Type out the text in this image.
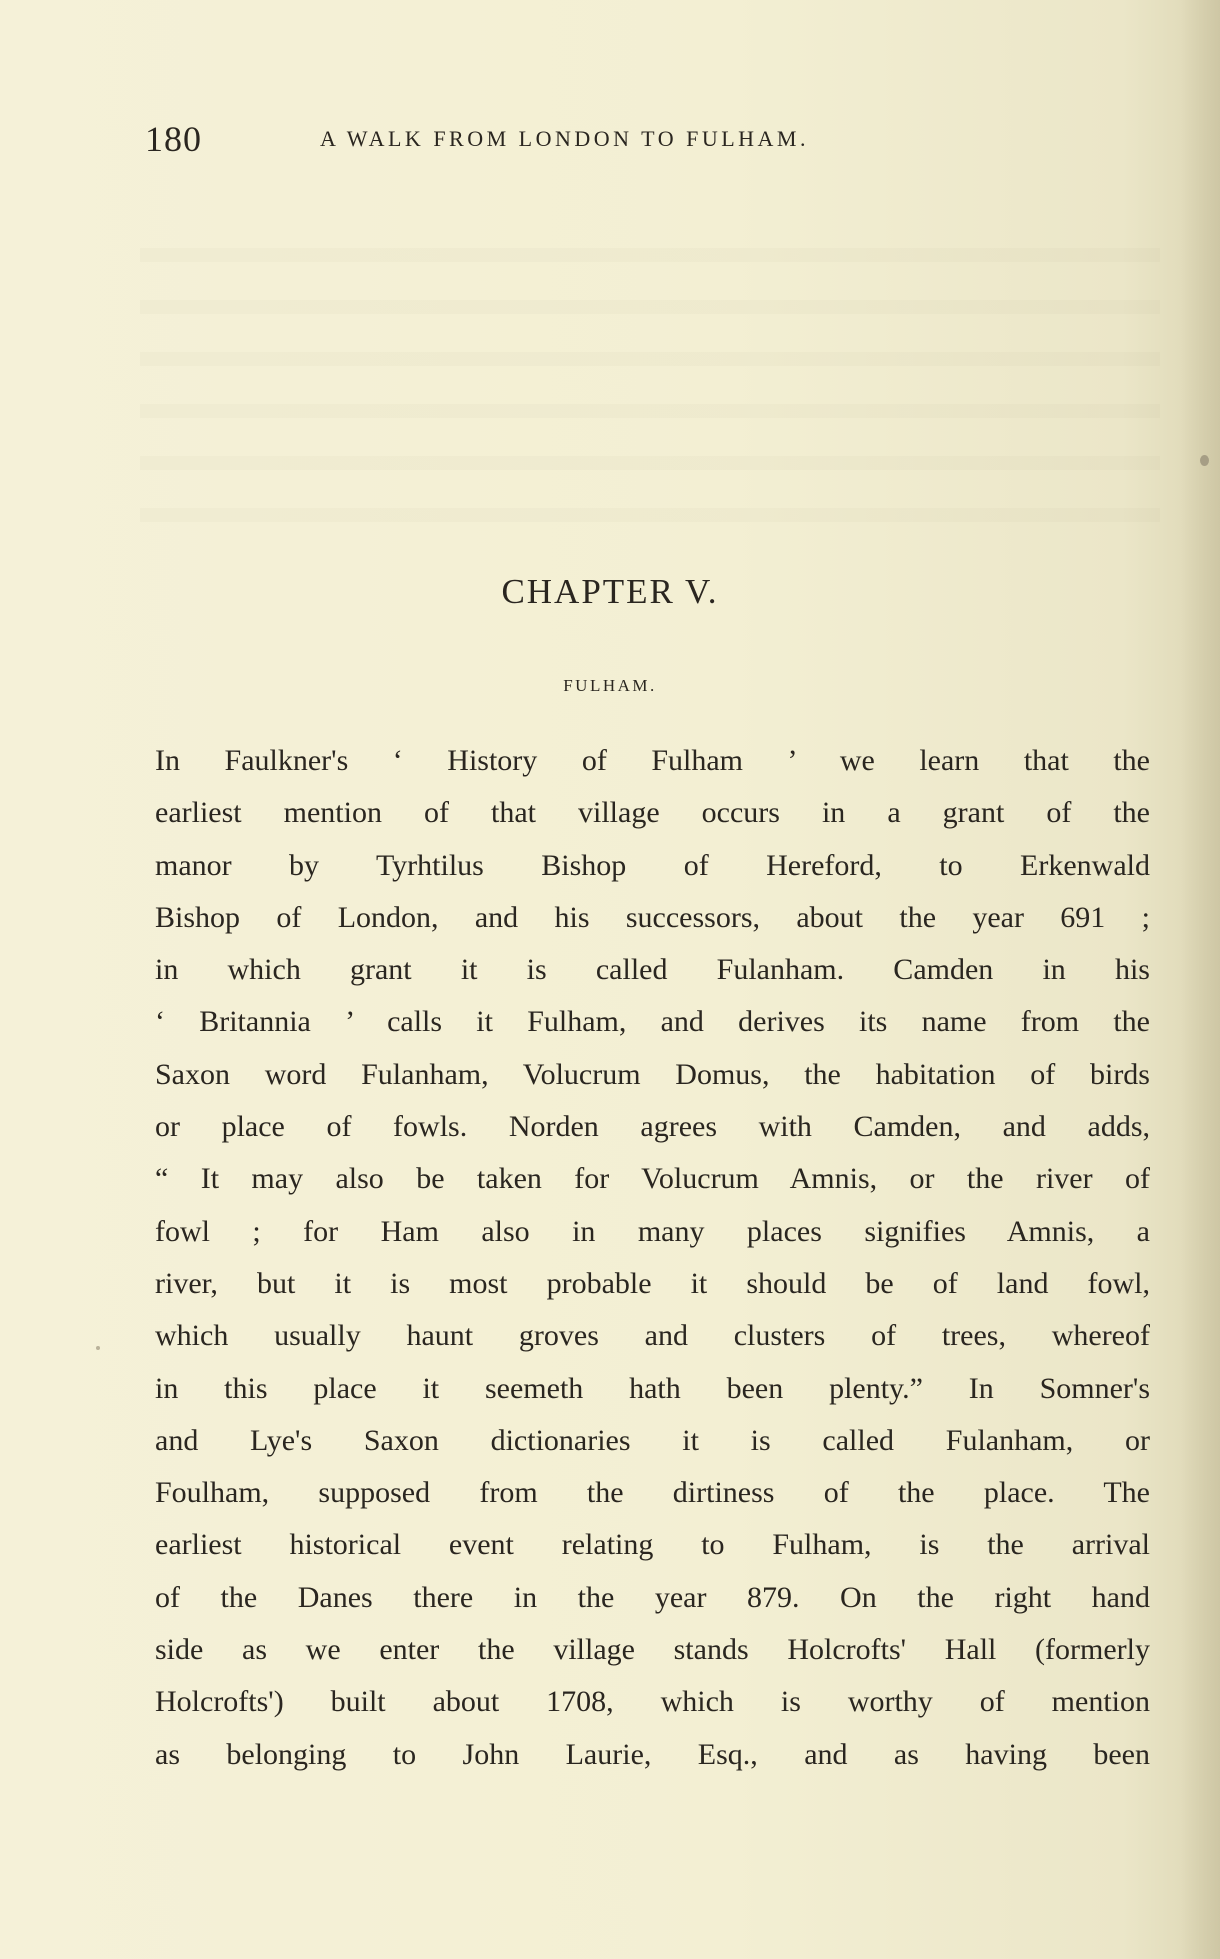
180	A WALK FROM LONDON TO FULHAM.
CHAPTER V.
FULHAM.
In Faulkner's ‘ History of Fulham ’ we learn that the
earliest mention of that village occurs in a grant of the
manor by Tyrhtilus Bishop of Hereford, to Erkenwald
Bishop of London, and his successors, about the year 691 ;
in which grant it is called Fulanham. Camden in his
‘ Britannia ’ calls it Fulham, and derives its name from the
Saxon word Fulanham, Volucrum Domus, the habitation of birds
or place of fowls. Norden agrees with Camden, and adds,
“ It may also be taken for Volucrum Amnis, or the river of
fowl ; for Ham also in many places signifies Amnis, a
river, but it is most probable it should be of land fowl,
which usually haunt groves and clusters of trees, whereof
in this place it seemeth hath been plenty.” In Somner's
and Lye's Saxon dictionaries it is called Fulanham, or
Foulham, supposed from the dirtiness of the place. The
earliest historical event relating to Fulham, is the arrival
of the Danes there in the year 879. On the right hand
side as we enter the village stands Holcrofts' Hall (formerly
Holcrofts') built about 1708, which is worthy of mention
as belonging to John Laurie, Esq., and as having been
